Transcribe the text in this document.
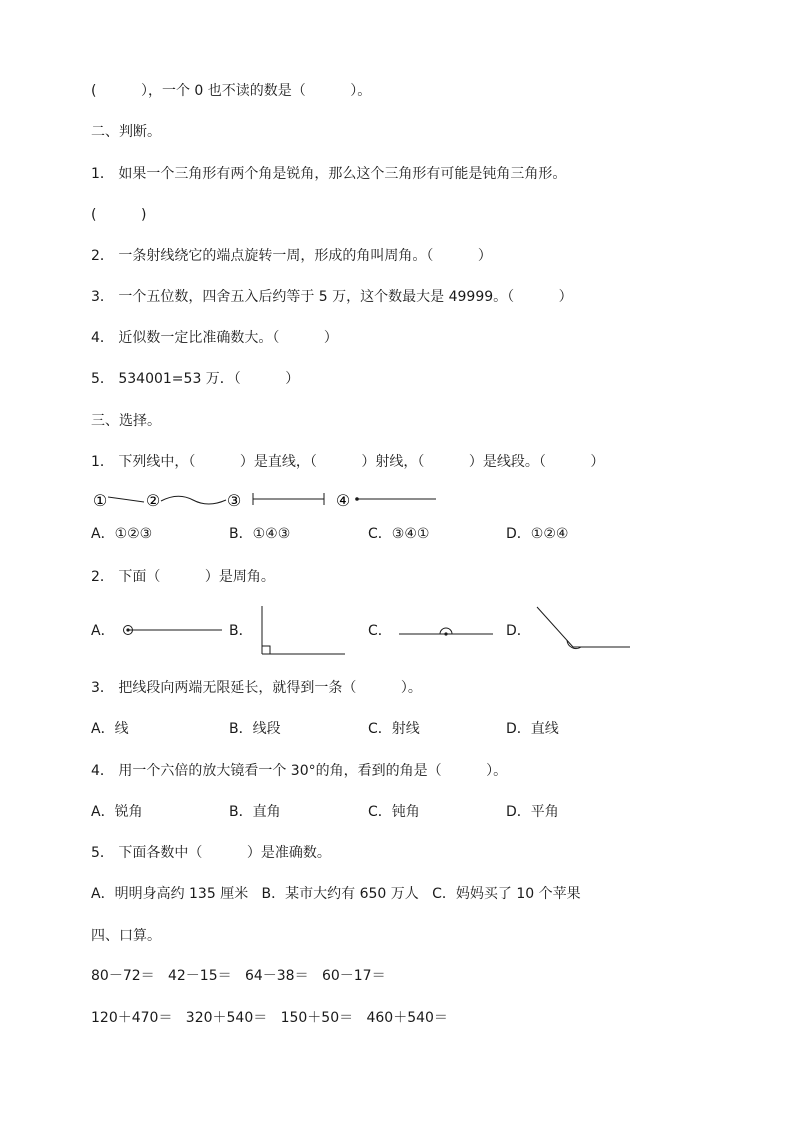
(          ），一个 0 也不读的数是（          ）。
二、判断。
1． 如果一个三角形有两个角是锐角，那么这个三角形有可能是钝角三角形。
(          )
2． 一条射线绕它的端点旋转一周，形成的角叫周角。（          ）
3． 一个五位数，四舍五入后约等于 5 万，这个数最大是 49999。（          ）
4． 近似数一定比准确数大。（          ）
5． 534001=53 万．（          ）
三、选择。
1． 下列线中，（          ）是直线，（          ）射线，（          ）是线段。（          ）
① ②	③	④
A．①②③	B．①④③	C．③④①	D．①②④
2． 下面（          ）是周角。
A．	B．	C．	D．
3． 把线段向两端无限延长，就得到一条（          ）。
A．线	B．线段	C．射线	D．直线
4． 用一个六倍的放大镜看一个 30°的角，看到的角是（          ）。
A．锐角	B．直角	C．钝角	D．平角
5． 下面各数中（          ）是准确数。
A．明明身高约 135 厘米   B．某市大约有 650 万人   C．妈妈买了 10 个苹果
四、口算。
80－72＝   42－15＝   64－38＝   60－17＝
120＋470＝   320＋540＝   150＋50＝   460＋540＝
